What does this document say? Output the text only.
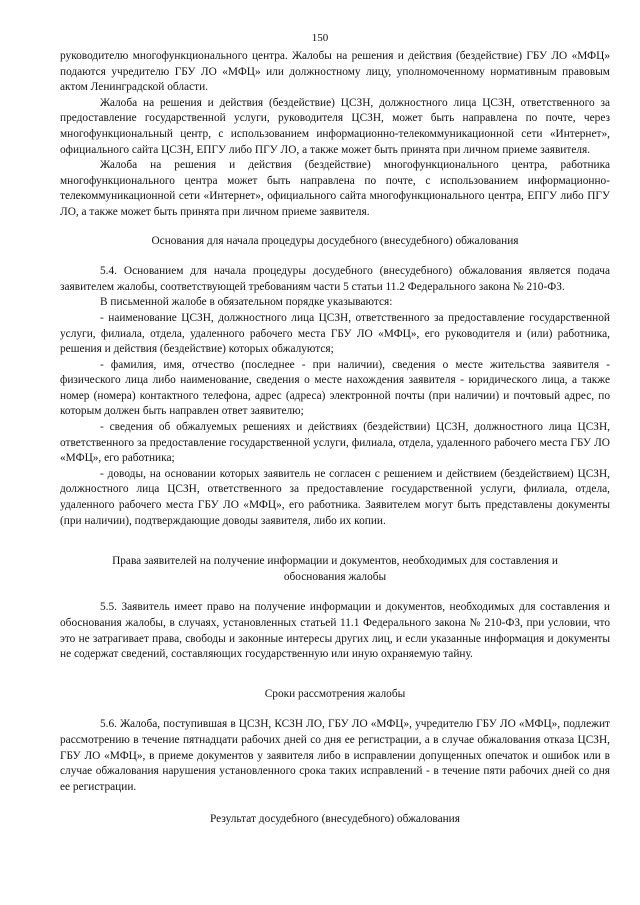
150

руководителю многофункционального центра. Жалобы на решения и действия (бездействие) ГБУ ЛО «МФЦ» подаются учредителю ГБУ ЛО «МФЦ» или должностному лицу, уполномоченному нормативным правовым актом Ленинградской области.

Жалоба на решения и действия (бездействие) ЦСЗН, должностного лица ЦСЗН, ответственного за предоставление государственной услуги, руководителя ЦСЗН, может быть направлена по почте, через многофункциональный центр, с использованием информационно-телекоммуникационной сети «Интернет», официального сайта ЦСЗН, ЕПГУ либо ПГУ ЛО, а также может быть принята при личном приеме заявителя.

Жалоба на решения и действия (бездействие) многофункционального центра, работника многофункционального центра может быть направлена по почте, с использованием информационно-телекоммуникационной сети «Интернет», официального сайта многофункционального центра, ЕПГУ либо ПГУ ЛО, а также может быть принята при личном приеме заявителя.

Основания для начала процедуры досудебного (внесудебного) обжалования

5.4. Основанием для начала процедуры досудебного (внесудебного) обжалования является подача заявителем жалобы, соответствующей требованиям части 5 статьи 11.2 Федерального закона № 210-ФЗ.

В письменной жалобе в обязательном порядке указываются:

- наименование ЦСЗН, должностного лица ЦСЗН, ответственного за предоставление государственной услуги, филиала, отдела, удаленного рабочего места ГБУ ЛО «МФЦ», его руководителя и (или) работника, решения и действия (бездействие) которых обжалуются;

- фамилия, имя, отчество (последнее - при наличии), сведения о месте жительства заявителя - физического лица либо наименование, сведения о месте нахождения заявителя - юридического лица, а также номер (номера) контактного телефона, адрес (адреса) электронной почты (при наличии) и почтовый адрес, по которым должен быть направлен ответ заявителю;

- сведения об обжалуемых решениях и действиях (бездействии) ЦСЗН, должностного лица ЦСЗН, ответственного за предоставление государственной услуги, филиала, отдела, удаленного рабочего места ГБУ ЛО «МФЦ», его работника;

- доводы, на основании которых заявитель не согласен с решением и действием (бездействием) ЦСЗН, должностного лица ЦСЗН, ответственного за предоставление государственной услуги, филиала, отдела, удаленного рабочего места ГБУ ЛО «МФЦ», его работника. Заявителем могут быть представлены документы (при наличии), подтверждающие доводы заявителя, либо их копии.

Права заявителей на получение информации и документов, необходимых для составления и
обоснования жалобы

5.5. Заявитель имеет право на получение информации и документов, необходимых для составления и обоснования жалобы, в случаях, установленных статьей 11.1 Федерального закона № 210-ФЗ, при условии, что это не затрагивает права, свободы и законные интересы других лиц, и если указанные информация и документы не содержат сведений, составляющих государственную или иную охраняемую тайну.

Сроки рассмотрения жалобы

5.6. Жалоба, поступившая в ЦСЗН, КСЗН ЛО, ГБУ ЛО «МФЦ», учредителю ГБУ ЛО «МФЦ», подлежит рассмотрению в течение пятнадцати рабочих дней со дня ее регистрации, а в случае обжалования отказа ЦСЗН, ГБУ ЛО «МФЦ», в приеме документов у заявителя либо в исправлении допущенных опечаток и ошибок или в случае обжалования нарушения установленного срока таких исправлений - в течение пяти рабочих дней со дня ее регистрации.

Результат досудебного (внесудебного) обжалования
